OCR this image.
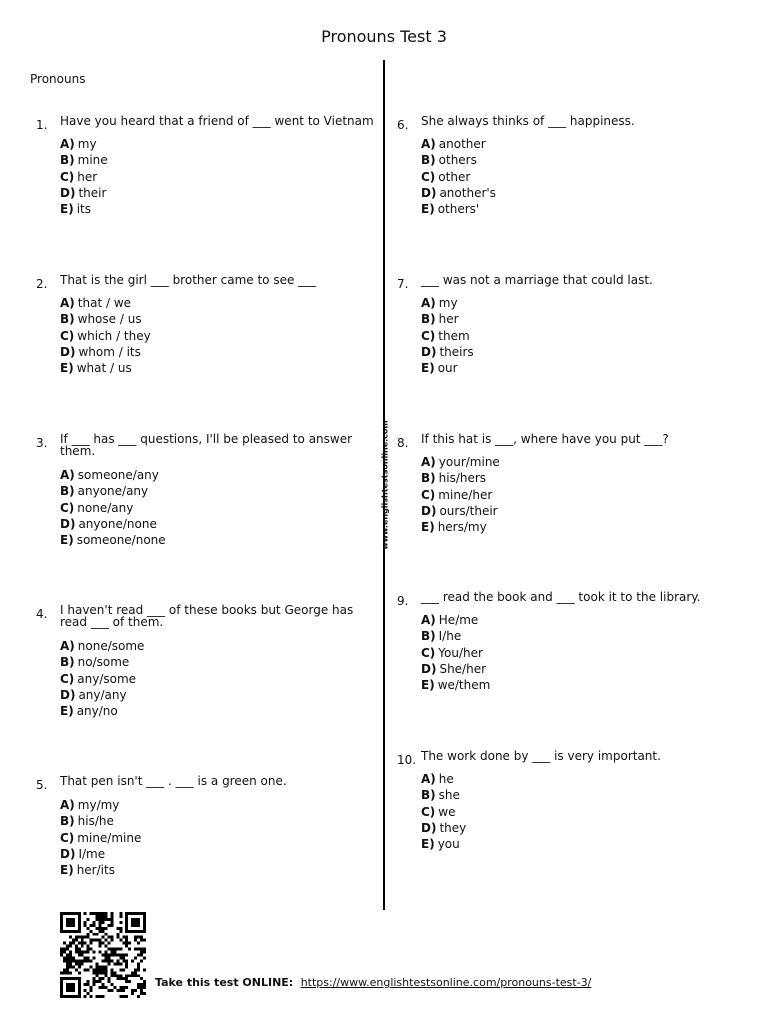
Pronouns Test 3
Pronouns
www.englishtestsonline.com
1. Have you heard that a friend of ___ went to Vietnam
A) my
B) mine
C) her
D) their
E) its
2. That is the girl ___ brother came to see ___
A) that / we
B) whose / us
C) which / they
D) whom / its
E) what / us
3. If ___ has ___ questions, I'll be pleased to answer them.
A) someone/any
B) anyone/any
C) none/any
D) anyone/none
E) someone/none
4. I haven't read ___ of these books but George has read ___ of them.
A) none/some
B) no/some
C) any/some
D) any/any
E) any/no
5. That pen isn't ___ . ___ is a green one.
A) my/my
B) his/he
C) mine/mine
D) I/me
E) her/its
6. She always thinks of ___ happiness.
A) another
B) others
C) other
D) another's
E) others'
7. ___ was not a marriage that could last.
A) my
B) her
C) them
D) theirs
E) our
8. If this hat is ___, where have you put ___?
A) your/mine
B) his/hers
C) mine/her
D) ours/their
E) hers/my
9. ___ read the book and ___ took it to the library.
A) He/me
B) I/he
C) You/her
D) She/her
E) we/them
10. The work done by ___ is very important.
A) he
B) she
C) we
D) they
E) you
Take this test ONLINE: https://www.englishtestsonline.com/pronouns-test-3/
